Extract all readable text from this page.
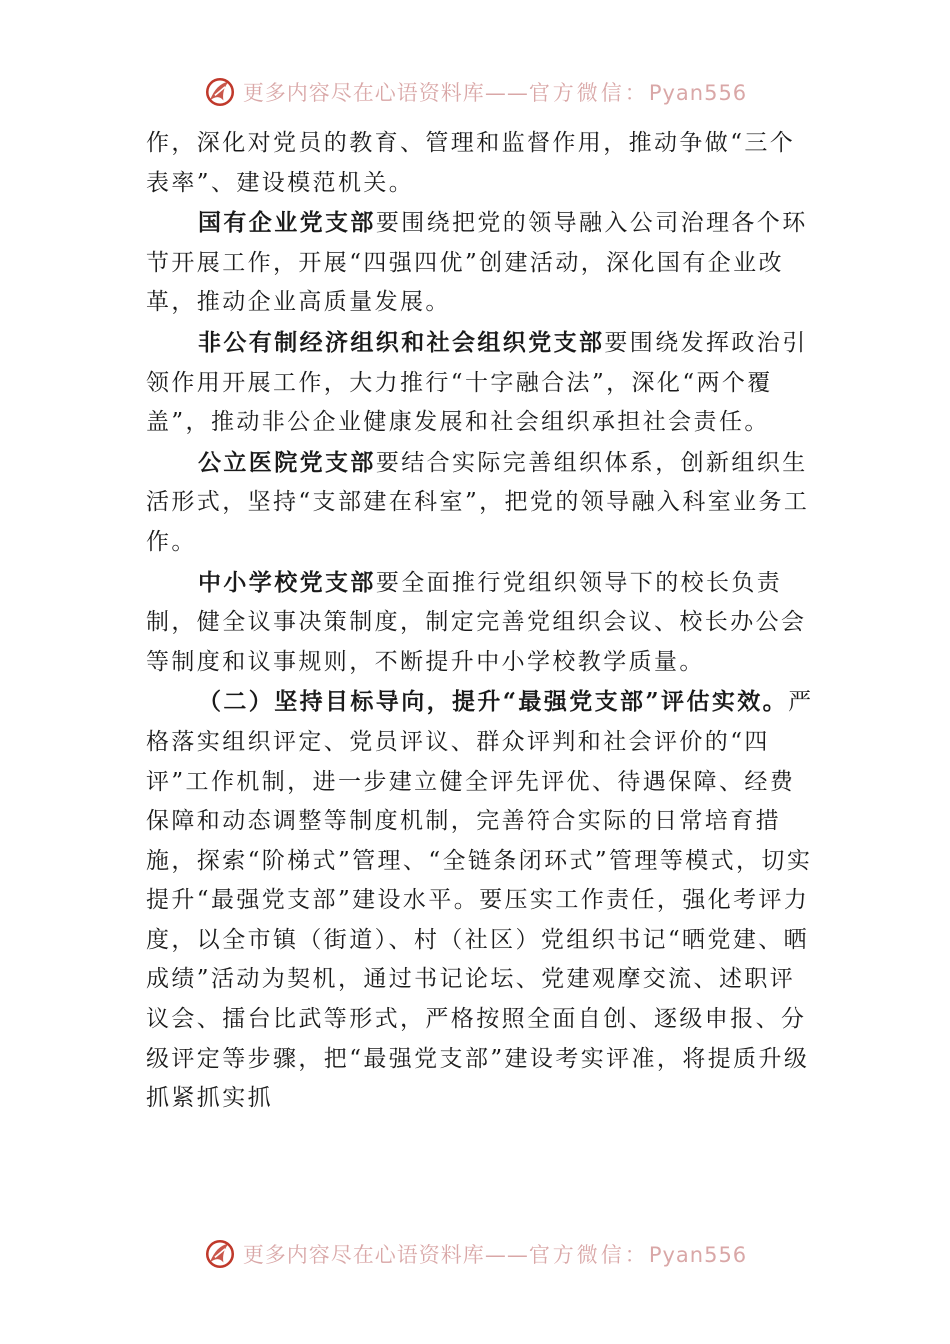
更多内容尽在心语资料库——官方微信：Pyan556

作，深化对党员的教育、管理和监督作用，推动争做“三个表率”、建设模范机关。

国有企业党支部要围绕把党的领导融入公司治理各个环节开展工作，开展“四强四优”创建活动，深化国有企业改革，推动企业高质量发展。

非公有制经济组织和社会组织党支部要围绕发挥政治引领作用开展工作，大力推行“十字融合法”，深化“两个覆盖”，推动非公企业健康发展和社会组织承担社会责任。

公立医院党支部要结合实际完善组织体系，创新组织生活形式，坚持“支部建在科室”，把党的领导融入科室业务工作。

中小学校党支部要全面推行党组织领导下的校长负责制，健全议事决策制度，制定完善党组织会议、校长办公会等制度和议事规则，不断提升中小学校教学质量。

（二）坚持目标导向，提升“最强党支部”评估实效。严格落实组织评定、党员评议、群众评判和社会评价的“四评”工作机制，进一步建立健全评先评优、待遇保障、经费保障和动态调整等制度机制，完善符合实际的日常培育措施，探索“阶梯式”管理、“全链条闭环式”管理等模式，切实提升“最强党支部”建设水平。要压实工作责任，强化考评力度，以全市镇（街道）、村（社区）党组织书记“晒党建、晒成绩”活动为契机，通过书记论坛、党建观摩交流、述职评议会、擂台比武等形式，严格按照全面自创、逐级申报、分级评定等步骤，把“最强党支部”建设考实评准，将提质升级抓紧抓实抓

更多内容尽在心语资料库——官方微信：Pyan556
